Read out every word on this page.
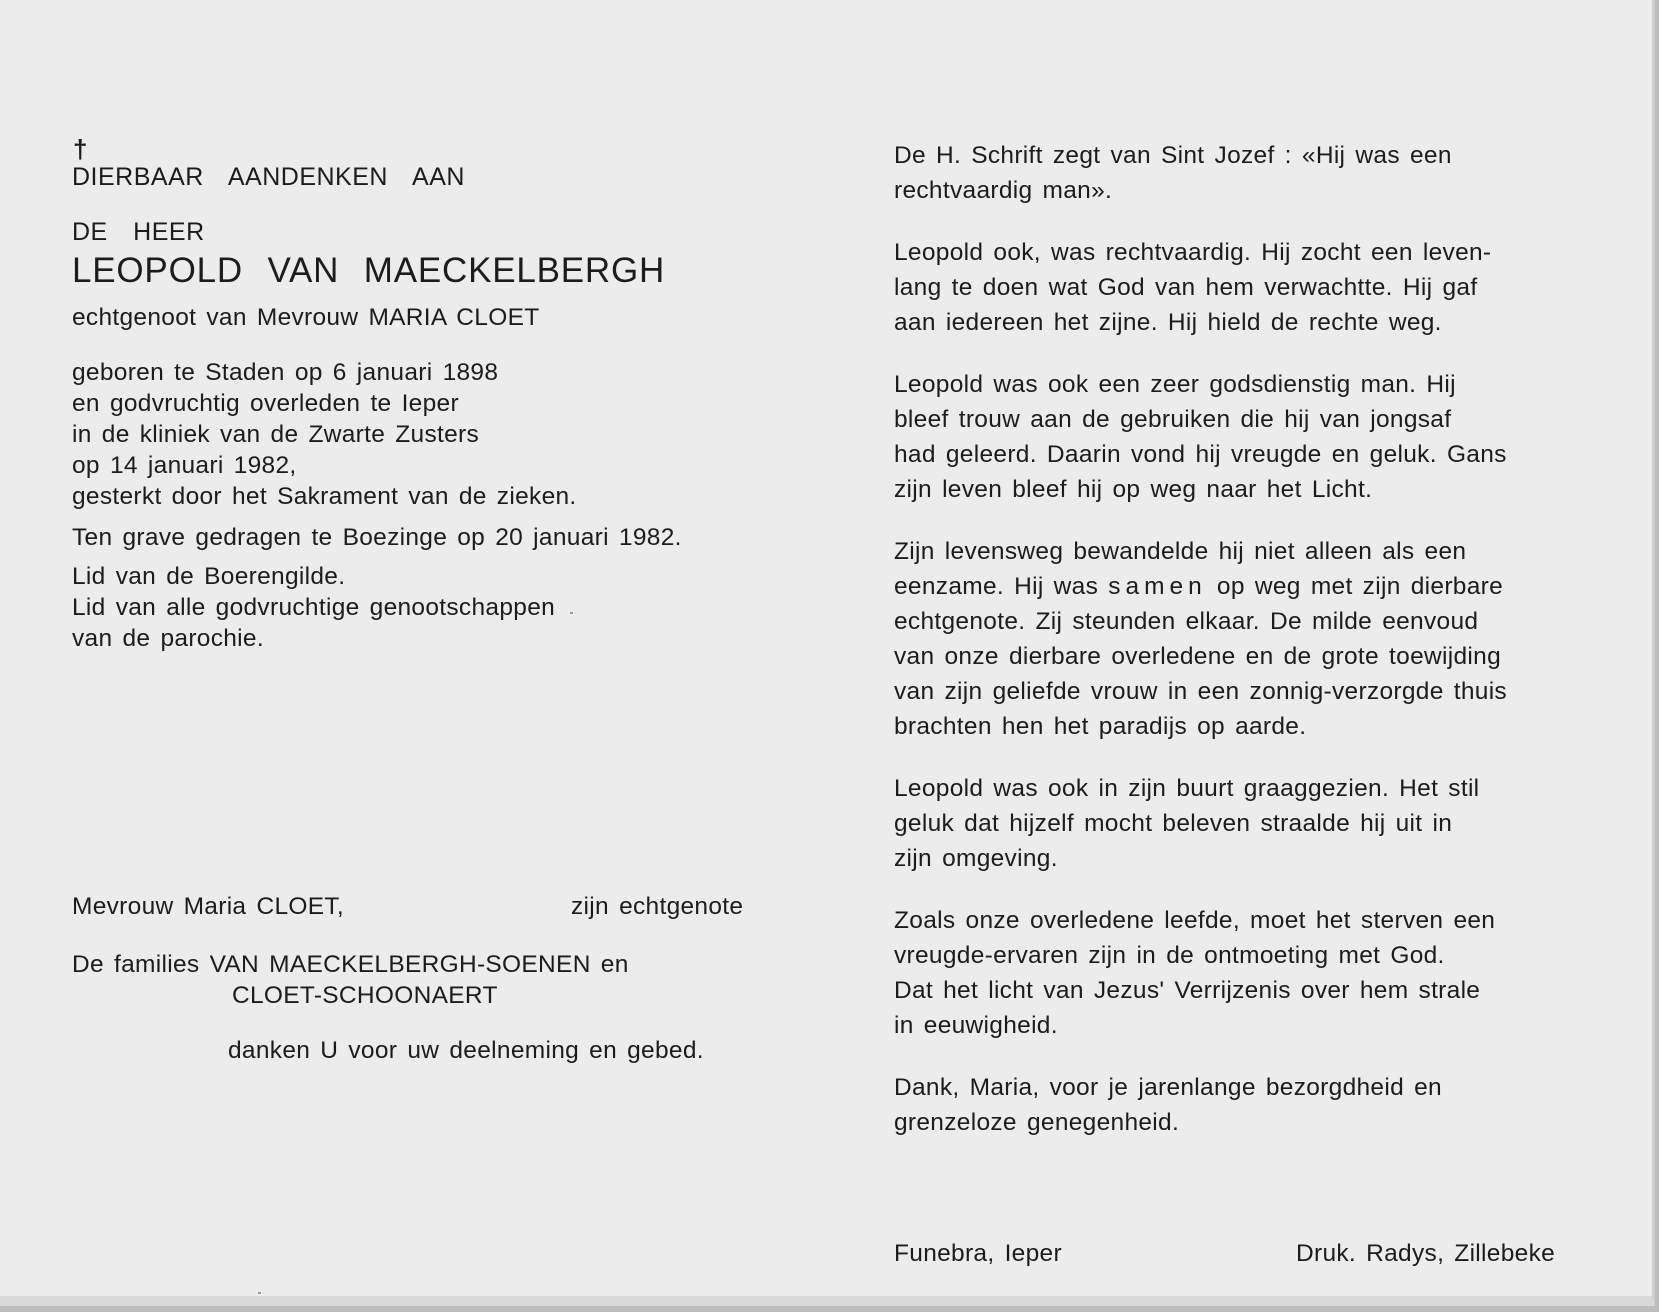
†
DIERBAAR AANDENKEN AAN
DE HEER
LEOPOLD VAN MAECKELBERGH
echtgenoot van Mevrouw MARIA CLOET
geboren te Staden op 6 januari 1898
en godvruchtig overleden te Ieper
in de kliniek van de Zwarte Zusters
op 14 januari 1982,
gesterkt door het Sakrament van de zieken.
Ten grave gedragen te Boezinge op 20 januari 1982.
Lid van de Boerengilde.
Lid van alle godvruchtige genootschappen
van de parochie.
Mevrouw Maria CLOET,	zijn echtgenote
De families VAN MAECKELBERGH-SOENEN en
CLOET-SCHOONAERT
danken U voor uw deelneming en gebed.
De H. Schrift zegt van Sint Jozef : «Hij was een
rechtvaardig man».
Leopold ook, was rechtvaardig. Hij zocht een leven-
lang te doen wat God van hem verwachtte. Hij gaf
aan iedereen het zijne. Hij hield de rechte weg.
Leopold was ook een zeer godsdienstig man. Hij
bleef trouw aan de gebruiken die hij van jongsaf
had geleerd. Daarin vond hij vreugde en geluk. Gans
zijn leven bleef hij op weg naar het Licht.
Zijn levensweg bewandelde hij niet alleen als een
eenzame. Hij was samen op weg met zijn dierbare
echtgenote. Zij steunden elkaar. De milde eenvoud
van onze dierbare overledene en de grote toewijding
van zijn geliefde vrouw in een zonnig-verzorgde thuis
brachten hen het paradijs op aarde.
Leopold was ook in zijn buurt graaggezien. Het stil
geluk dat hijzelf mocht beleven straalde hij uit in
zijn omgeving.
Zoals onze overledene leefde, moet het sterven een
vreugde-ervaren zijn in de ontmoeting met God.
Dat het licht van Jezus' Verrijzenis over hem strale
in eeuwigheid.
Dank, Maria, voor je jarenlange bezorgdheid en
grenzeloze genegenheid.
Funebra, Ieper	Druk. Radys, Zillebeke
